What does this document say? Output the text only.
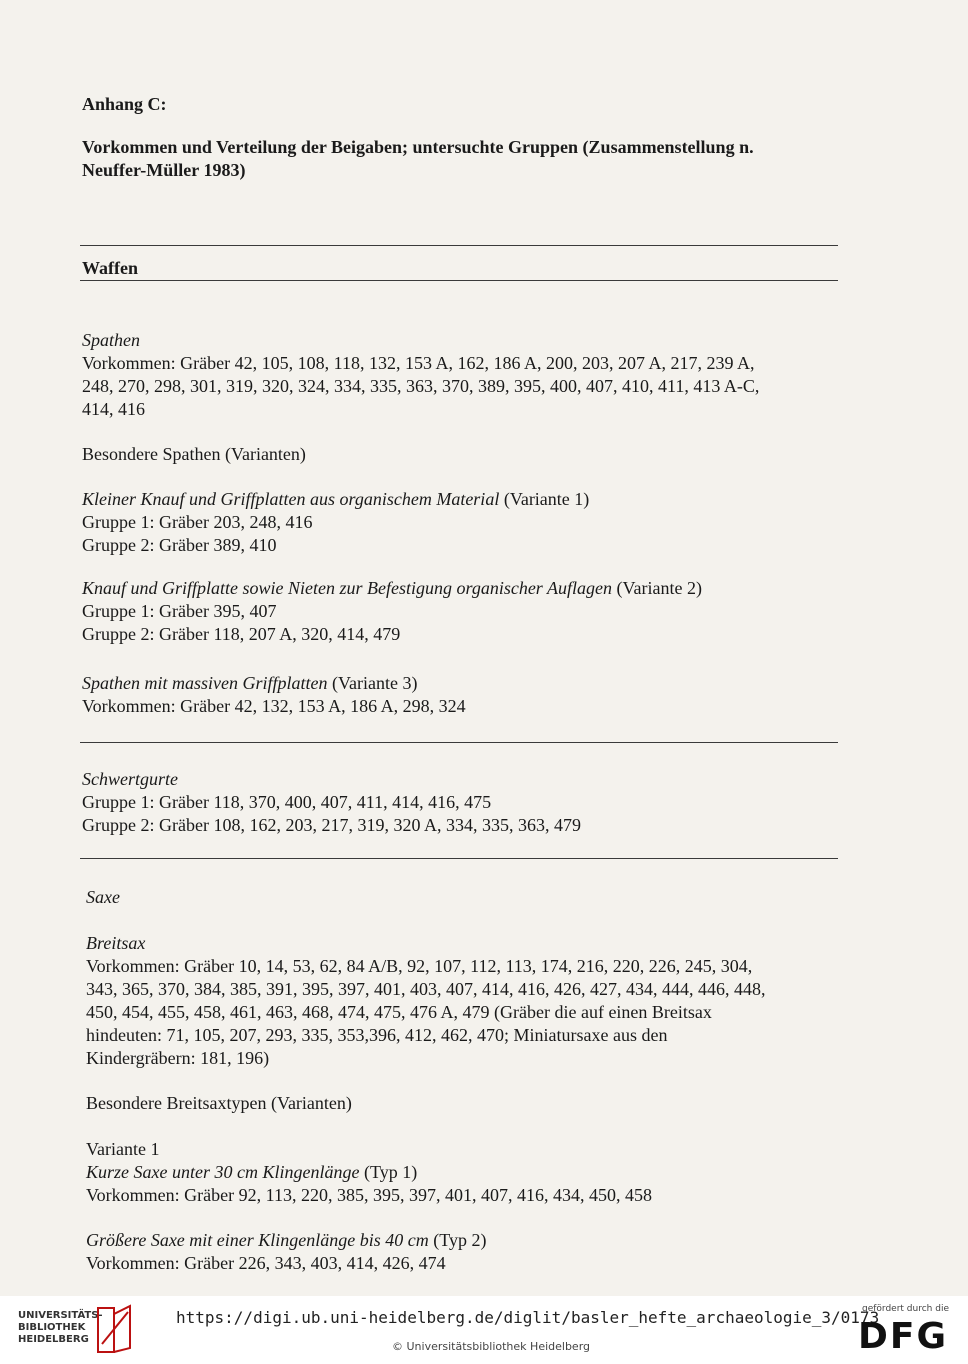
Anhang C:
Vorkommen und Verteilung der Beigaben; untersuchte Gruppen (Zusammenstellung n.
Neuffer-Müller 1983)
Waffen
Spathen
Vorkommen: Gräber 42, 105, 108, 118, 132, 153 A, 162, 186 A, 200, 203, 207 A, 217, 239 A,
248, 270, 298, 301, 319, 320, 324, 334, 335, 363, 370, 389, 395, 400, 407, 410, 411, 413 A-C,
414, 416
Besondere Spathen (Varianten)
Kleiner Knauf und Griffplatten aus organischem Material (Variante 1)
Gruppe 1: Gräber 203, 248, 416
Gruppe 2: Gräber 389, 410
Knauf und Griffplatte sowie Nieten zur Befestigung organischer Auflagen (Variante 2)
Gruppe 1: Gräber 395, 407
Gruppe 2: Gräber 118, 207 A, 320, 414, 479
Spathen mit massiven Griffplatten (Variante 3)
Vorkommen: Gräber 42, 132, 153 A, 186 A, 298, 324
Schwertgurte
Gruppe 1: Gräber 118, 370, 400, 407, 411, 414, 416, 475
Gruppe 2: Gräber 108, 162, 203, 217, 319, 320 A, 334, 335, 363, 479
Saxe
Breitsax
Vorkommen: Gräber 10, 14, 53, 62, 84 A/B, 92, 107, 112, 113, 174, 216, 220, 226, 245, 304,
343, 365, 370, 384, 385, 391, 395, 397, 401, 403, 407, 414, 416, 426, 427, 434, 444, 446, 448,
450, 454, 455, 458, 461, 463, 468, 474, 475, 476 A, 479 (Gräber die auf einen Breitsax
hindeuten: 71, 105, 207, 293, 335, 353,396, 412, 462, 470; Miniatursaxe aus den
Kindergräbern: 181, 196)
Besondere Breitsaxtypen (Varianten)
Variante 1
Kurze Saxe unter 30 cm Klingenlänge (Typ 1)
Vorkommen: Gräber 92, 113, 220, 385, 395, 397, 401, 407, 416, 434, 450, 458
Größere Saxe mit einer Klingenlänge bis 40 cm (Typ 2)
Vorkommen: Gräber 226, 343, 403, 414, 426, 474
UNIVERSITÄTS-
BIBLIOTHEK
HEIDELBERG
https://digi.ub.uni-heidelberg.de/diglit/basler_hefte_archaeologie_3/0173
© Universitätsbibliothek Heidelberg
gefördert durch die
DFG
